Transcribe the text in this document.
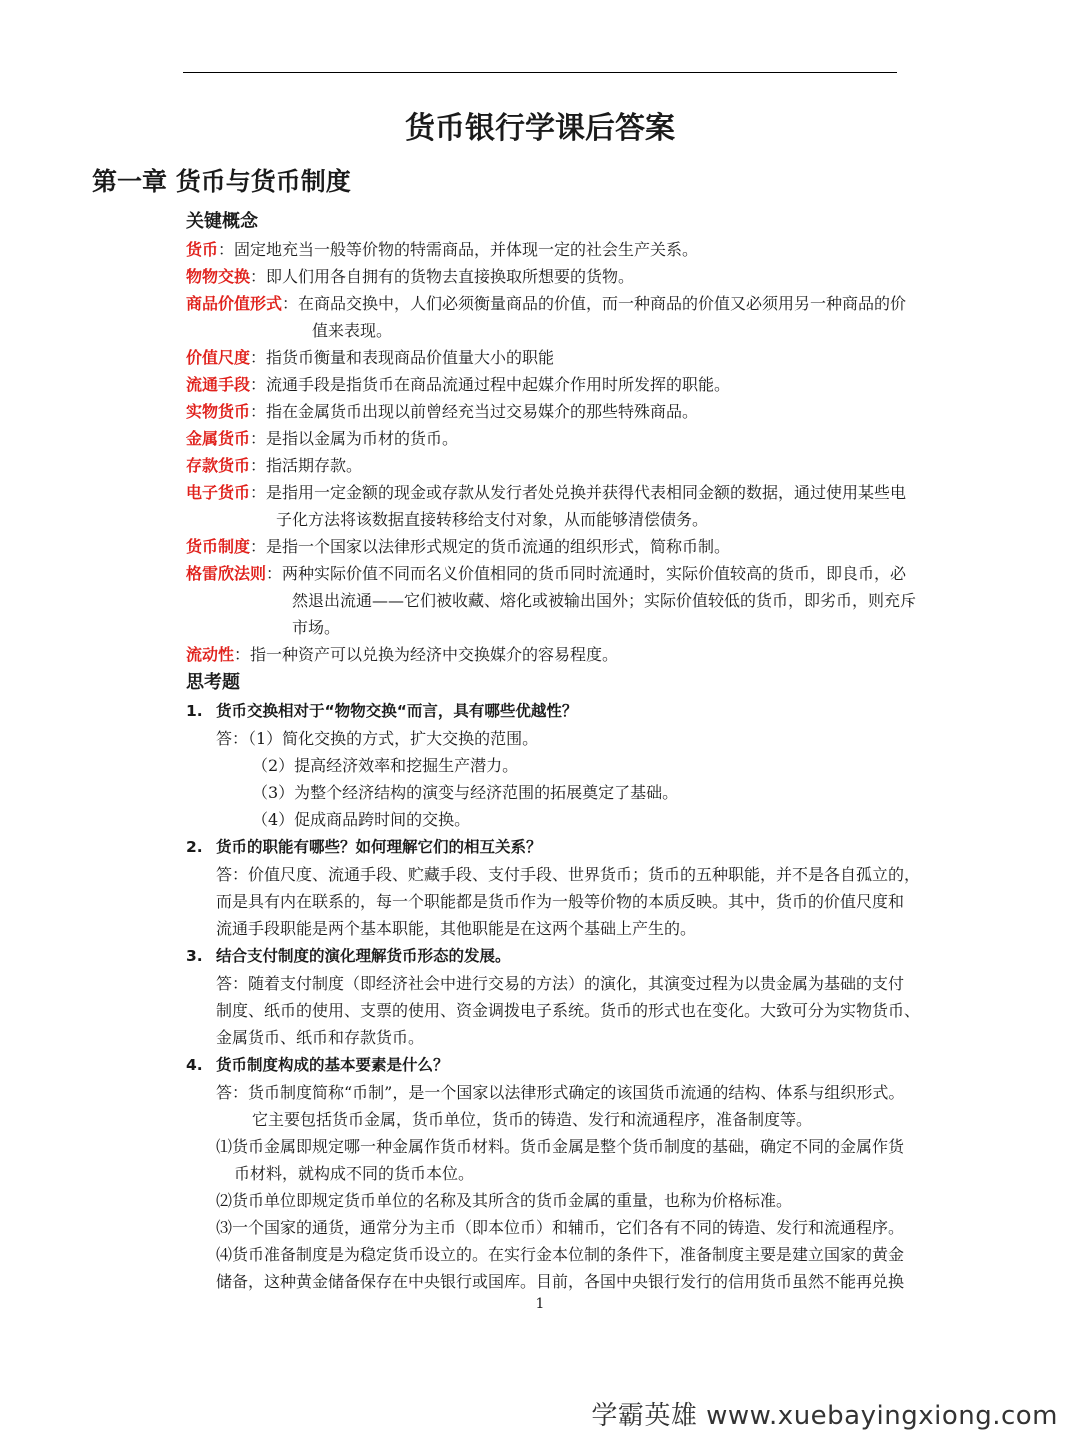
货币银行学课后答案
第一章 货币与货币制度
关键概念
货币：固定地充当一般等价物的特需商品，并体现一定的社会生产关系。
物物交换：即人们用各自拥有的货物去直接换取所想要的货物。
商品价值形式：在商品交换中，人们必须衡量商品的价值，而一种商品的价值又必须用另一种商品的价
值来表现。
价值尺度：指货币衡量和表现商品价值量大小的职能
流通手段：流通手段是指货币在商品流通过程中起媒介作用时所发挥的职能。
实物货币：指在金属货币出现以前曾经充当过交易媒介的那些特殊商品。
金属货币：是指以金属为币材的货币。
存款货币：指活期存款。
电子货币：是指用一定金额的现金或存款从发行者处兑换并获得代表相同金额的数据，通过使用某些电
子化方法将该数据直接转移给支付对象，从而能够清偿债务。
货币制度：是指一个国家以法律形式规定的货币流通的组织形式，简称币制。
格雷欣法则：两种实际价值不同而名义价值相同的货币同时流通时，实际价值较高的货币，即良币，必
然退出流通——它们被收藏、熔化或被输出国外；实际价值较低的货币，即劣币，则充斥
市场。
流动性：指一种资产可以兑换为经济中交换媒介的容易程度。
思考题
1. 货币交换相对于“物物交换“而言，具有哪些优越性？
答：（1）简化交换的方式，扩大交换的范围。
（2）提高经济效率和挖掘生产潜力。
（3）为整个经济结构的演变与经济范围的拓展奠定了基础。
（4）促成商品跨时间的交换。
2. 货币的职能有哪些？如何理解它们的相互关系？
答：价值尺度、流通手段、贮藏手段、支付手段、世界货币；货币的五种职能，并不是各自孤立的，
而是具有内在联系的，每一个职能都是货币作为一般等价物的本质反映。其中，货币的价值尺度和
流通手段职能是两个基本职能，其他职能是在这两个基础上产生的。
3. 结合支付制度的演化理解货币形态的发展。
答：随着支付制度（即经济社会中进行交易的方法）的演化，其演变过程为以贵金属为基础的支付
制度、纸币的使用、支票的使用、资金调拨电子系统。货币的形式也在变化。大致可分为实物货币、
金属货币、纸币和存款货币。
4. 货币制度构成的基本要素是什么？
答：货币制度简称“币制”，是一个国家以法律形式确定的该国货币流通的结构、体系与组织形式。
它主要包括货币金属，货币单位，货币的铸造、发行和流通程序，准备制度等。
⑴货币金属即规定哪一种金属作货币材料。货币金属是整个货币制度的基础，确定不同的金属作货
币材料，就构成不同的货币本位。
⑵货币单位即规定货币单位的名称及其所含的货币金属的重量，也称为价格标准。
⑶一个国家的通货，通常分为主币（即本位币）和辅币，它们各有不同的铸造、发行和流通程序。
⑷货币准备制度是为稳定货币设立的。在实行金本位制的条件下，准备制度主要是建立国家的黄金
储备，这种黄金储备保存在中央银行或国库。目前，各国中央银行发行的信用货币虽然不能再兑换
1
学霸英雄 www.xuebayingxiong.com
